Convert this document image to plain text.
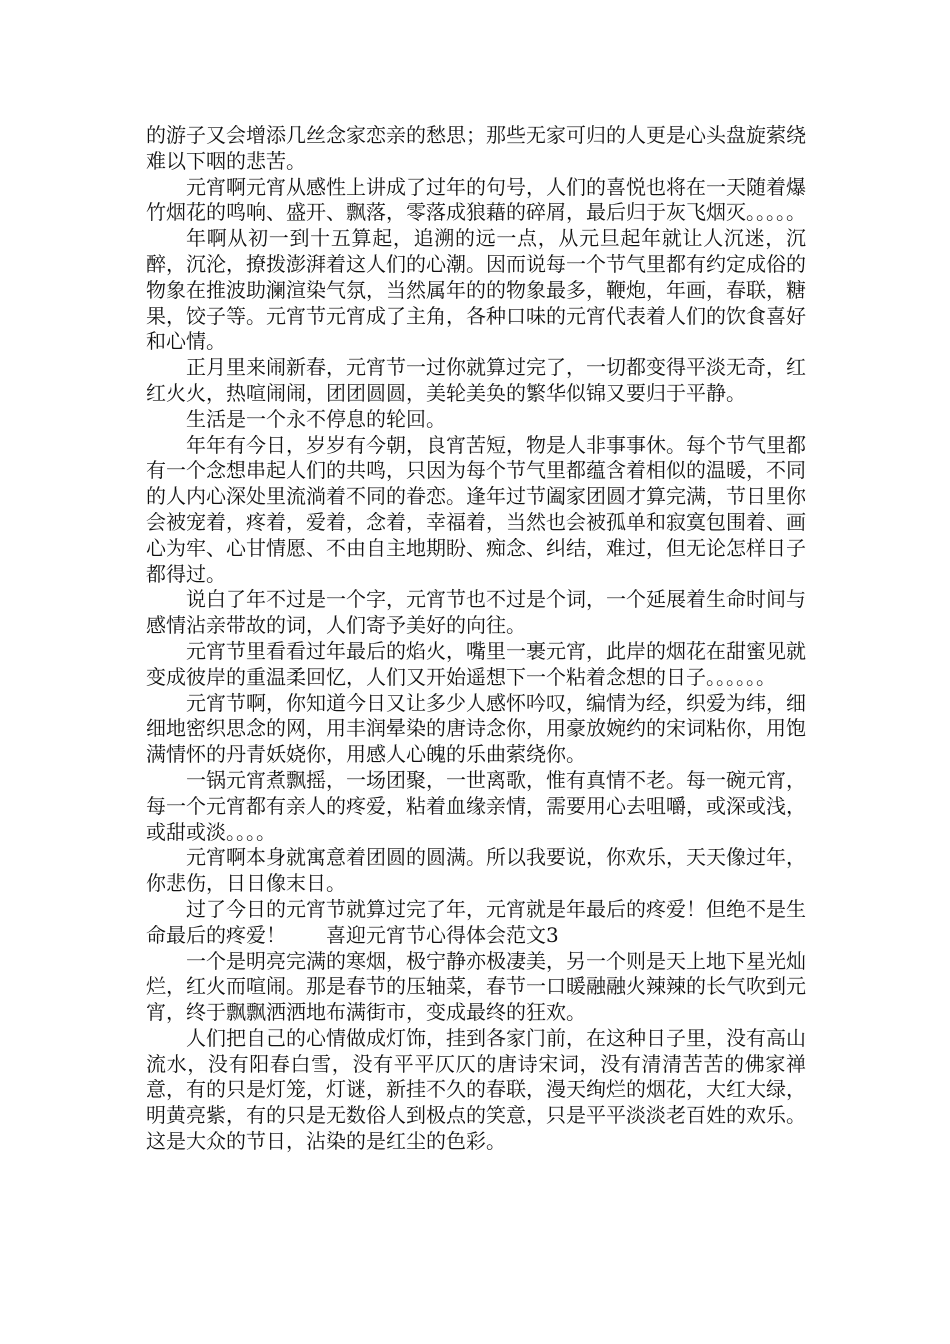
的游子又会增添几丝念家恋亲的愁思；那些无家可归的人更是心头盘旋萦绕难以下咽的悲苦。

元宵啊元宵从感性上讲成了过年的句号，人们的喜悦也将在一天随着爆竹烟花的鸣响、盛开、飘落，零落成狼藉的碎屑，最后归于灰飞烟灭。。。。。

年啊从初一到十五算起，追溯的远一点，从元旦起年就让人沉迷，沉醉，沉沦，撩拨澎湃着这人们的心潮。因而说每一个节气里都有约定成俗的物象在推波助澜渲染气氛，当然属年的的物象最多，鞭炮，年画，春联，糖果，饺子等。元宵节元宵成了主角，各种口味的元宵代表着人们的饮食喜好和心情。

正月里来闹新春，元宵节一过你就算过完了，一切都变得平淡无奇，红红火火，热喧闹闹，团团圆圆，美轮美奂的繁华似锦又要归于平静。

生活是一个永不停息的轮回。

年年有今日，岁岁有今朝，良宵苦短，物是人非事事休。每个节气里都有一个念想串起人们的共鸣，只因为每个节气里都蕴含着相似的温暖，不同的人内心深处里流淌着不同的眷恋。逢年过节阖家团圆才算完满，节日里你会被宠着，疼着，爱着，念着，幸福着，当然也会被孤单和寂寞包围着、画心为牢、心甘情愿、不由自主地期盼、痴念、纠结，难过，但无论怎样日子都得过。

说白了年不过是一个字，元宵节也不过是个词，一个延展着生命时间与感情沾亲带故的词，人们寄予美好的向往。

元宵节里看看过年最后的焰火，嘴里一裹元宵，此岸的烟花在甜蜜见就变成彼岸的重温柔回忆，人们又开始遥想下一个粘着念想的日子。。。。。。

元宵节啊，你知道今日又让多少人感怀吟叹，编情为经，织爱为纬，细细地密织思念的网，用丰润晕染的唐诗念你，用豪放婉约的宋词粘你，用饱满情怀的丹青妖娆你，用感人心魄的乐曲萦绕你。

一锅元宵煮飘摇，一场团聚，一世离歌，惟有真情不老。每一碗元宵，每一个元宵都有亲人的疼爱，粘着血缘亲情，需要用心去咀嚼，或深或浅，或甜或淡。。。。

元宵啊本身就寓意着团圆的圆满。所以我要说，你欢乐，天天像过年，你悲伤，日日像末日。

过了今日的元宵节就算过完了年，元宵就是年最后的疼爱！但绝不是生命最后的疼爱！　　喜迎元宵节心得体会范文3

一个是明亮完满的寒烟，极宁静亦极凄美，另一个则是天上地下星光灿烂，红火而喧闹。那是春节的压轴菜，春节一口暖融融火辣辣的长气吹到元宵，终于飘飘洒洒地布满街市，变成最终的狂欢。

人们把自己的心情做成灯饰，挂到各家门前，在这种日子里，没有高山流水，没有阳春白雪，没有平平仄仄的唐诗宋词，没有清清苦苦的佛家禅意，有的只是灯笼，灯谜，新挂不久的春联，漫天绚烂的烟花，大红大绿，明黄亮紫，有的只是无数俗人到极点的笑意，只是平平淡淡老百姓的欢乐。这是大众的节日，沾染的是红尘的色彩。
